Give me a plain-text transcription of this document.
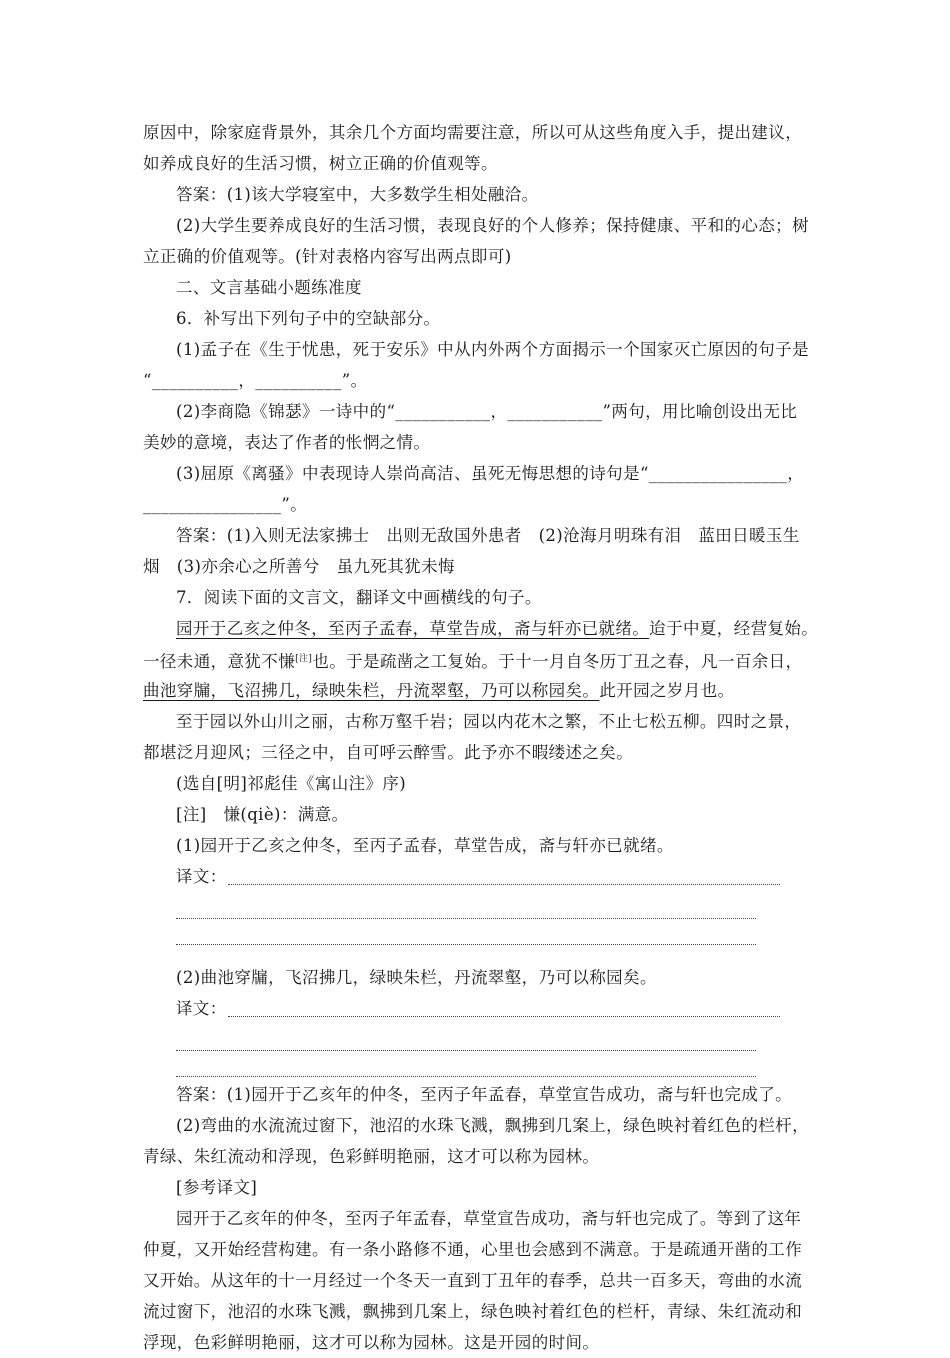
原因中，除家庭背景外，其余几个方面均需要注意，所以可从这些角度入手，提出建议，
如养成良好的生活习惯，树立正确的价值观等。
答案：(1)该大学寝室中，大多数学生相处融洽。
(2)大学生要养成良好的生活习惯，表现良好的个人修养；保持健康、平和的心态；树
立正确的价值观等。(针对表格内容写出两点即可)
二、文言基础小题练准度
6．补写出下列句子中的空缺部分。
(1)孟子在《生于忧患，死于安乐》中从内外两个方面揭示一个国家灭亡原因的句子是
“__________，__________”。
(2)李商隐《锦瑟》一诗中的“___________，___________”两句，用比喻创设出无比
美妙的意境，表达了作者的怅惘之情。
(3)屈原《离骚》中表现诗人崇尚高洁、虽死无悔思想的诗句是“________________，
________________”。
答案：(1)入则无法家拂士　出则无敌国外患者　(2)沧海月明珠有泪　蓝田日暖玉生
烟　(3)亦余心之所善兮　虽九死其犹未悔
7．阅读下面的文言文，翻译文中画横线的句子。
园开于乙亥之仲冬，至丙子孟春，草堂告成，斋与轩亦已就绪。迨于中夏，经营复始。
一径未通，意犹不慊[注]也。于是疏凿之工复始。于十一月自冬历丁丑之春，凡一百余日，
曲池穿牖，飞沼拂几，绿映朱栏，丹流翠壑，乃可以称园矣。此开园之岁月也。
至于园以外山川之丽，古称万壑千岩；园以内花木之繁，不止七松五柳。四时之景，
都堪泛月迎风；三径之中，自可呼云醉雪。此予亦不暇缕述之矣。
(选自[明]祁彪佳《寓山注》序)
[注]　慊(qiè)：满意。
(1)园开于乙亥之仲冬，至丙子孟春，草堂告成，斋与轩亦已就绪。
译文：
(2)曲池穿牖，飞沼拂几，绿映朱栏，丹流翠壑，乃可以称园矣。
译文：
答案：(1)园开于乙亥年的仲冬，至丙子年孟春，草堂宣告成功，斋与轩也完成了。
(2)弯曲的水流流过窗下，池沼的水珠飞溅，飘拂到几案上，绿色映衬着红色的栏杆，
青绿、朱红流动和浮现，色彩鲜明艳丽，这才可以称为园林。
[参考译文]
园开于乙亥年的仲冬，至丙子年孟春，草堂宣告成功，斋与轩也完成了。等到了这年
仲夏，又开始经营构建。有一条小路修不通，心里也会感到不满意。于是疏通开凿的工作
又开始。从这年的十一月经过一个冬天一直到丁丑年的春季，总共一百多天，弯曲的水流
流过窗下，池沼的水珠飞溅，飘拂到几案上，绿色映衬着红色的栏杆，青绿、朱红流动和
浮现，色彩鲜明艳丽，这才可以称为园林。这是开园的时间。
